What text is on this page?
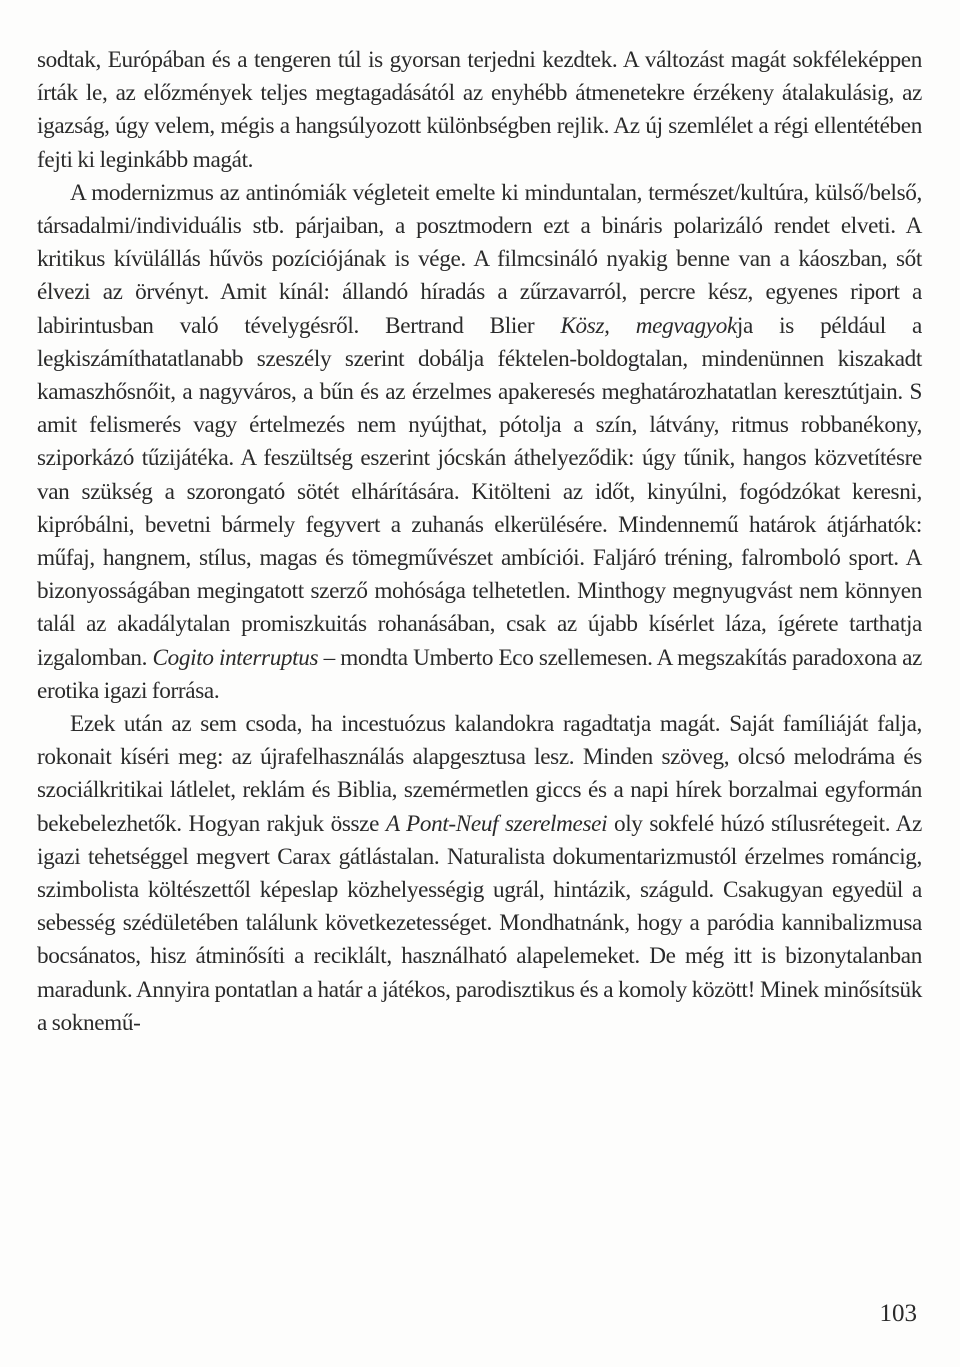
sodtak, Európában és a tengeren túl is gyorsan terjedni kezdtek. A változást magát sokféleképpen írták le, az előzmények teljes megtagadásától az enyhébb átmenetekre érzékeny átalakulásig, az igazság, úgy velem, mégis a hangsúlyozott különbségben rejlik. Az új szemlélet a régi ellentétében fejti ki leginkább magát.

A modernizmus az antinómiák végleteit emelte ki minduntalan, természet/kultúra, külső/belső, társadalmi/individuális stb. párjaiban, a posztmodern ezt a bináris polarizáló rendet elveti. A kritikus kívülállás hűvös pozíciójának is vége. A filmcsináló nyakig benne van a káoszban, sőt élvezi az örvényt. Amit kínál: állandó híradás a zűrzavarról, percre kész, egyenes riport a labirintusban való tévelygésről. Bertrand Blier Kösz, megvagyokja is például a legkiszámíthatatlanabb szeszély szerint dobálja féktelen-boldogtalan, mindenünnen kiszakadt kamaszhősnőit, a nagyváros, a bűn és az érzelmes apakeresés meghatározhatatlan keresztútjain. S amit felismerés vagy értelmezés nem nyújthat, pótolja a szín, látvány, ritmus robbanékony, sziporkázó tűzijátéka. A feszültség eszerint jócskán áthelyeződik: úgy tűnik, hangos közvetítésre van szükség a szorongató sötét elhárítására. Kitölteni az időt, kinyúlni, fogódzókat keresni, kipróbálni, bevetni bármely fegyvert a zuhanás elkerülésére. Mindennemű határok átjárhatók: műfaj, hangnem, stílus, magas és tömegművészet ambíciói. Faljáró tréning, falromboló sport. A bizonyosságában megingatott szerző mohósága telhetetlen. Minthogy megnyugvást nem könnyen talál az akadálytalan promiszkuitás rohanásában, csak az újabb kísérlet láza, ígérete tarthatja izgalomban. Cogito interruptus – mondta Umberto Eco szellemesen. A megszakítás paradoxona az erotika igazi forrása.

Ezek után az sem csoda, ha incestuózus kalandokra ragadtatja magát. Saját famíliáját falja, rokonait kíséri meg: az újrafelhasználás alapgesztusa lesz. Minden szöveg, olcsó melodráma és szociálkritikai látlelet, reklám és Biblia, szemérmetlen giccs és a napi hírek borzalmai egyformán bekebelezhetők. Hogyan rakjuk össze A Pont-Neuf szerelmesei oly sokfelé húzó stílusrétegeit. Az igazi tehetséggel megvert Carax gátlástalan. Naturalista dokumentarizmustól érzelmes románcig, szimbolista költészettől képeslap közhelyességig ugrál, hintázik, száguld. Csakugyan egyedül a sebesség szédületében találunk következetességet. Mondhatnánk, hogy a paródia kannibalizmusa bocsánatos, hisz átminősíti a reciklált, használható alapelemeket. De még itt is bizonytalanban maradunk. Annyira pontatlan a határ a játékos, parodisztikus és a komoly között! Minek minősítsük a soknemű-

103
